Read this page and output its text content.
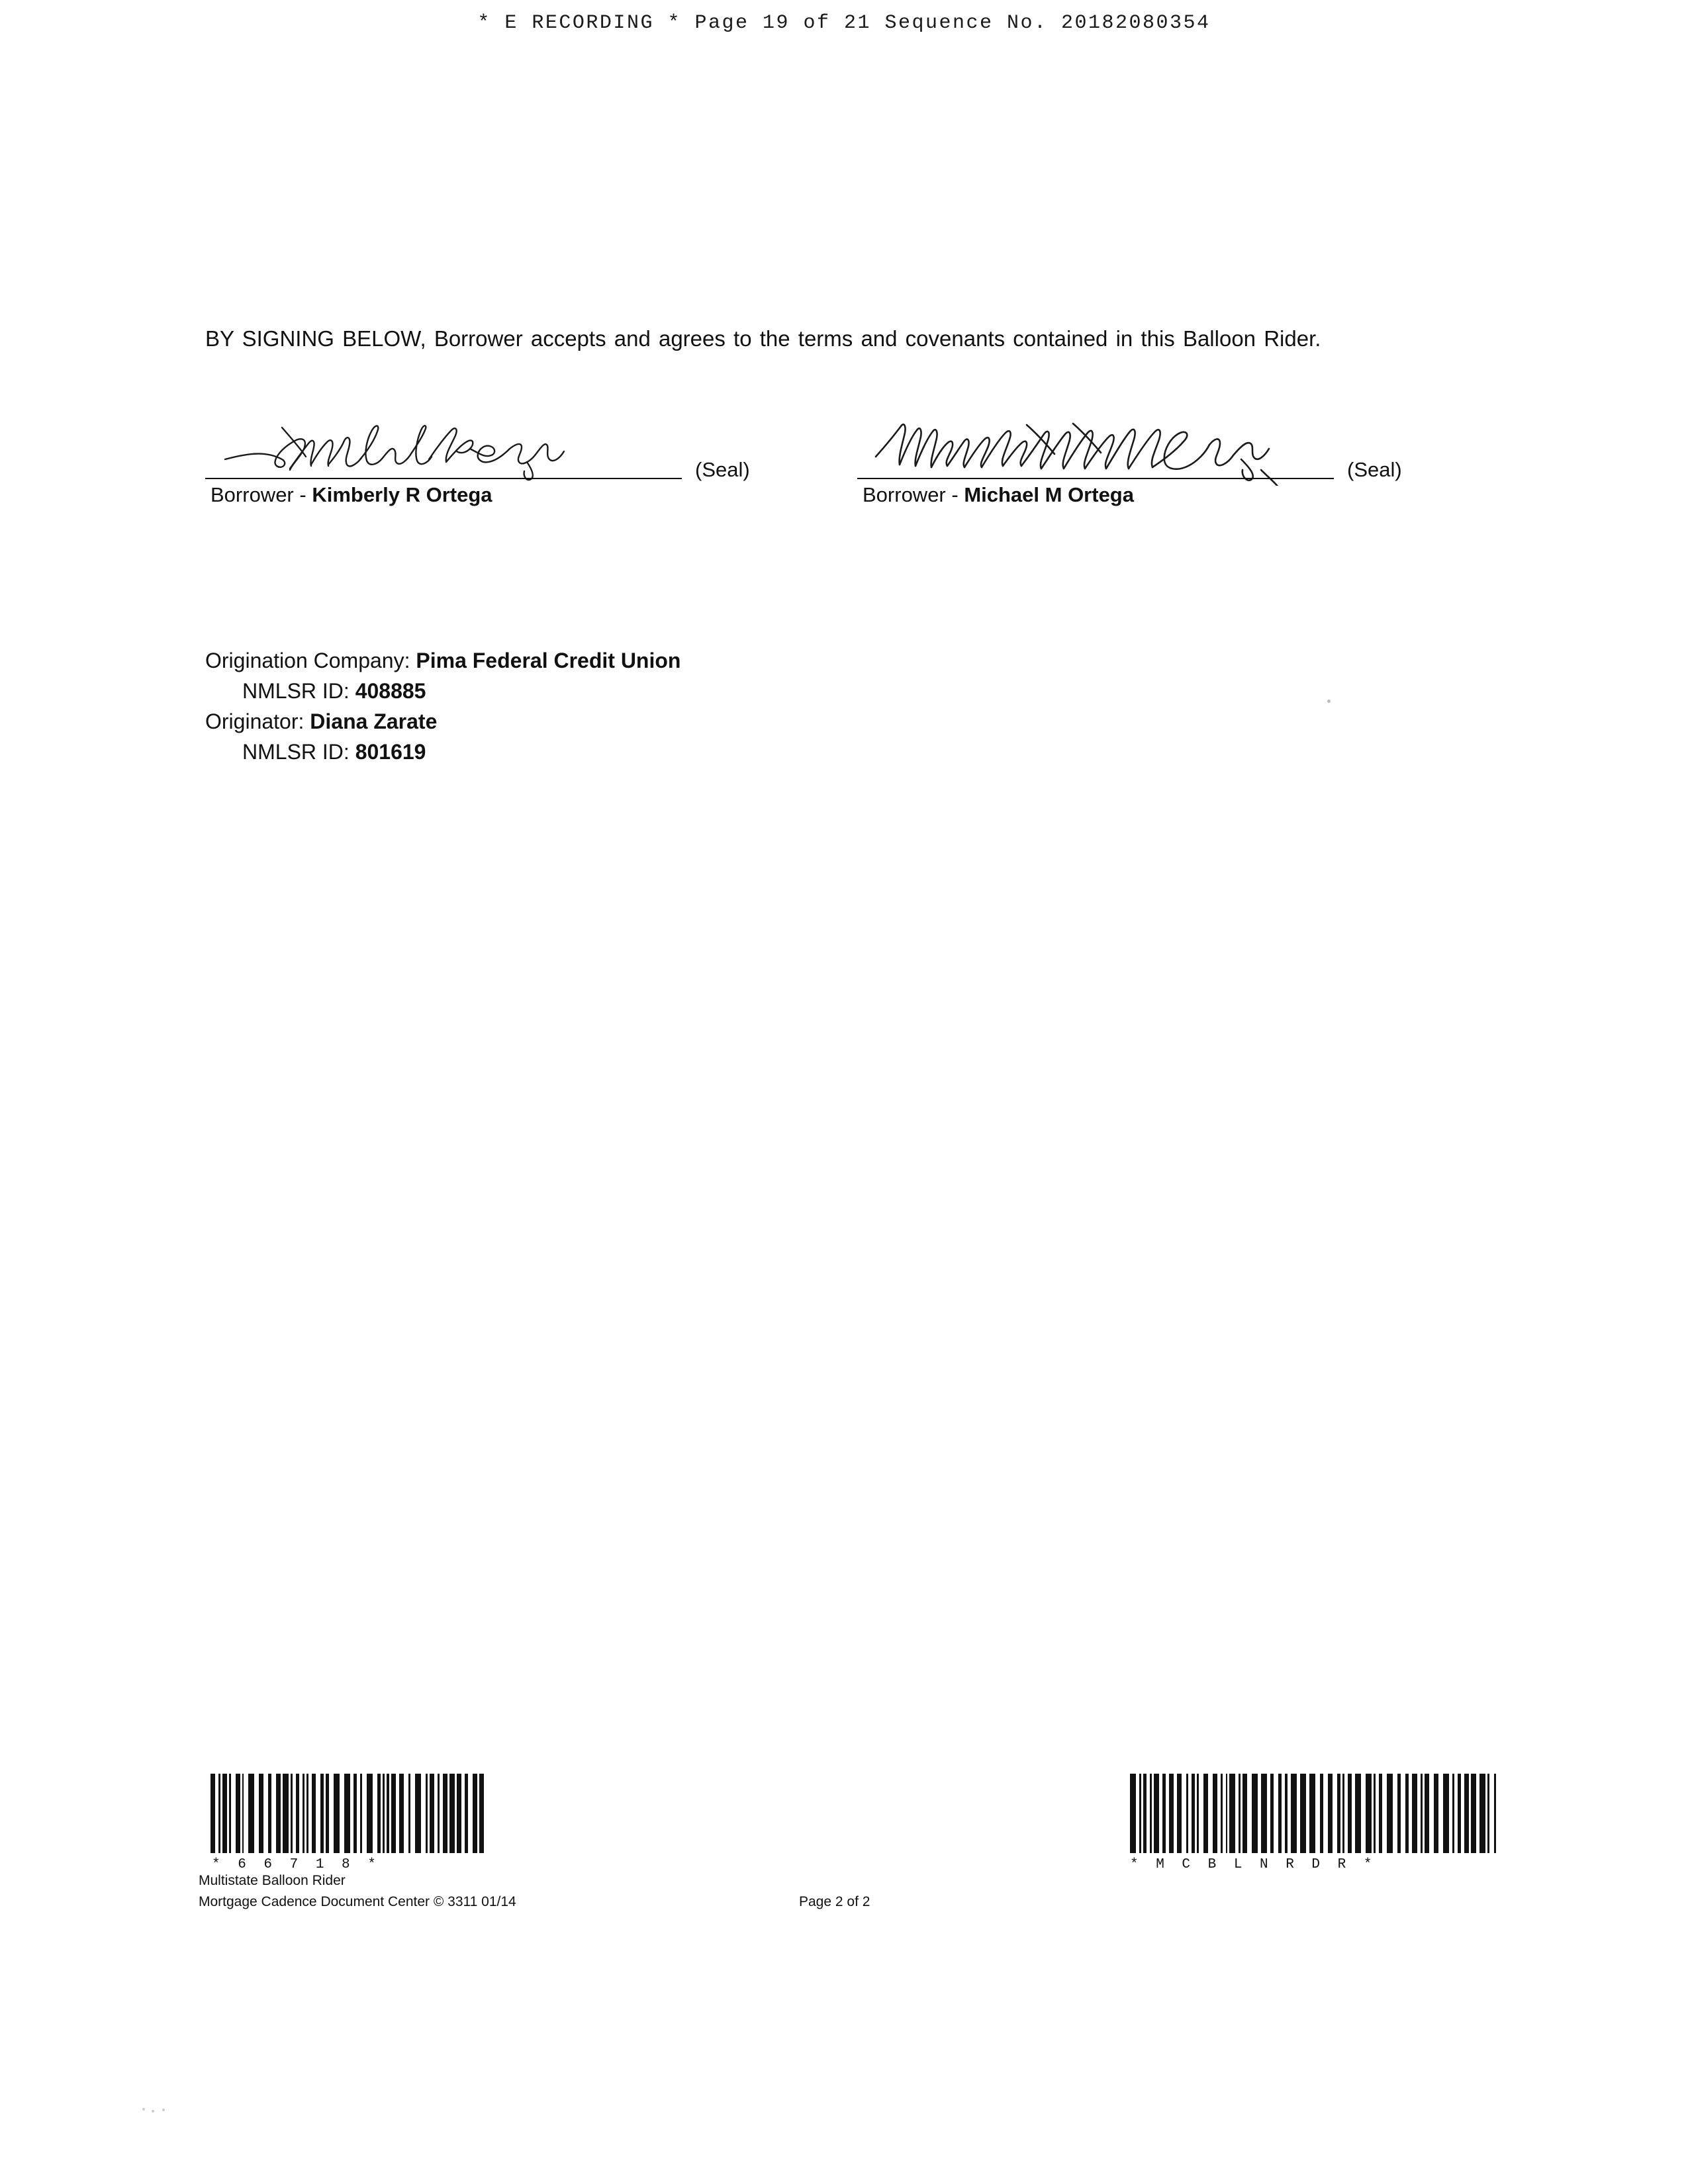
* E RECORDING * Page 19 of 21 Sequence No. 20182080354
BY SIGNING BELOW, Borrower accepts and agrees to the terms and covenants contained in this Balloon Rider.
(Seal)
Borrower - Kimberly R Ortega
(Seal)
Borrower - Michael M Ortega
Origination Company: Pima Federal Credit Union
NMLSR ID: 408885
Originator: Diana Zarate
NMLSR ID: 801619
* 6 6 7 1 8 *	* M C B L N R D R *
Multistate Balloon Rider
Mortgage Cadence Document Center © 3311 01/14	Page 2 of 2
